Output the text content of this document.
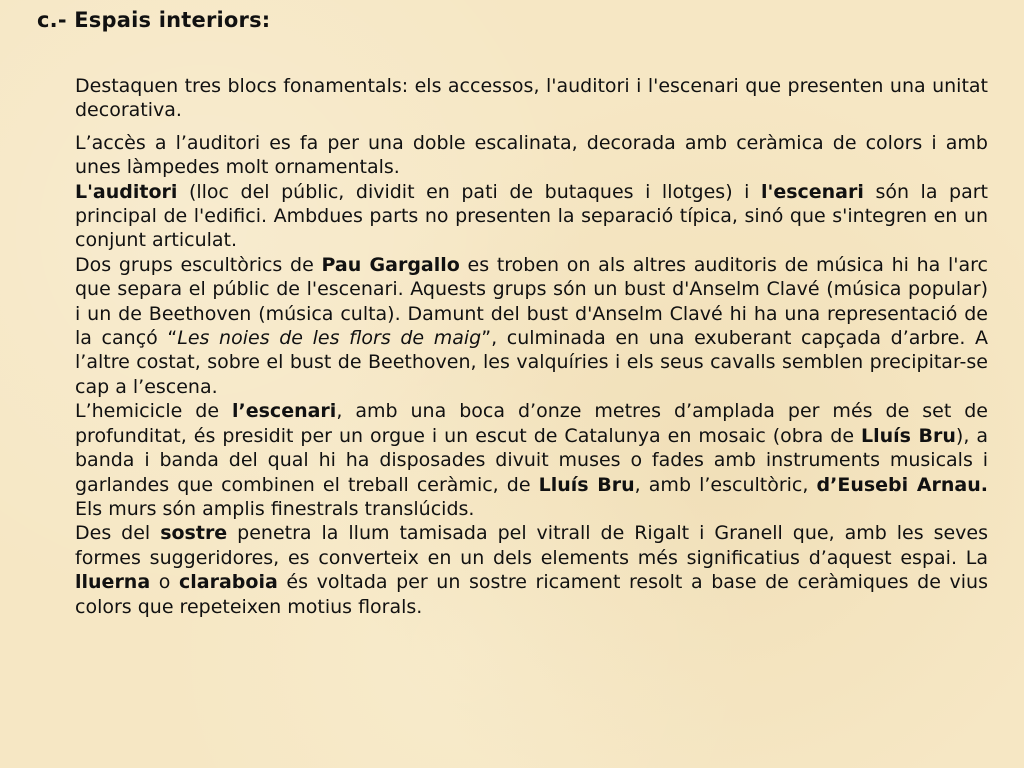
c.- Espais interiors:

Destaquen tres blocs fonamentals: els accessos, l'auditori i l'escenari que presenten una unitat decorativa.

L’accès a l’auditori es fa per una doble escalinata, decorada amb ceràmica de colors i amb unes làmpedes molt ornamentals.

L'auditori (lloc del públic, dividit en pati de butaques i llotges) i l'escenari són la part principal de l'edifici. Ambdues parts no presenten la separació típica, sinó que s'integren en un conjunt articulat.

Dos grups escultòrics de Pau Gargallo es troben on als altres auditoris de música hi ha l'arc que separa el públic de l'escenari. Aquests grups són un bust d'Anselm Clavé (música popular) i un de Beethoven (música culta). Damunt del bust d'Anselm Clavé hi ha una representació de la cançó “Les noies de les flors de maig”, culminada en una exuberant capçada d’arbre. A l’altre costat, sobre el bust de Beethoven, les valquíries i els seus cavalls semblen precipitar-se cap a l’escena.

L’hemicicle de l’escenari, amb una boca d’onze metres d’amplada per més de set de profunditat, és presidit per un orgue i un escut de Catalunya en mosaic (obra de Lluís Bru), a banda i banda del qual hi ha disposades divuit muses o fades amb instruments musicals i garlandes que combinen el treball ceràmic, de Lluís Bru, amb l’escultòric, d’Eusebi Arnau. Els murs són amplis finestrals translúcids.

Des del sostre penetra la llum tamisada pel vitrall de Rigalt i Granell que, amb les seves formes suggeridores, es converteix en un dels elements més significatius d’aquest espai. La lluerna o claraboia és voltada per un sostre ricament resolt a base de ceràmiques de vius colors que repeteixen motius florals.
